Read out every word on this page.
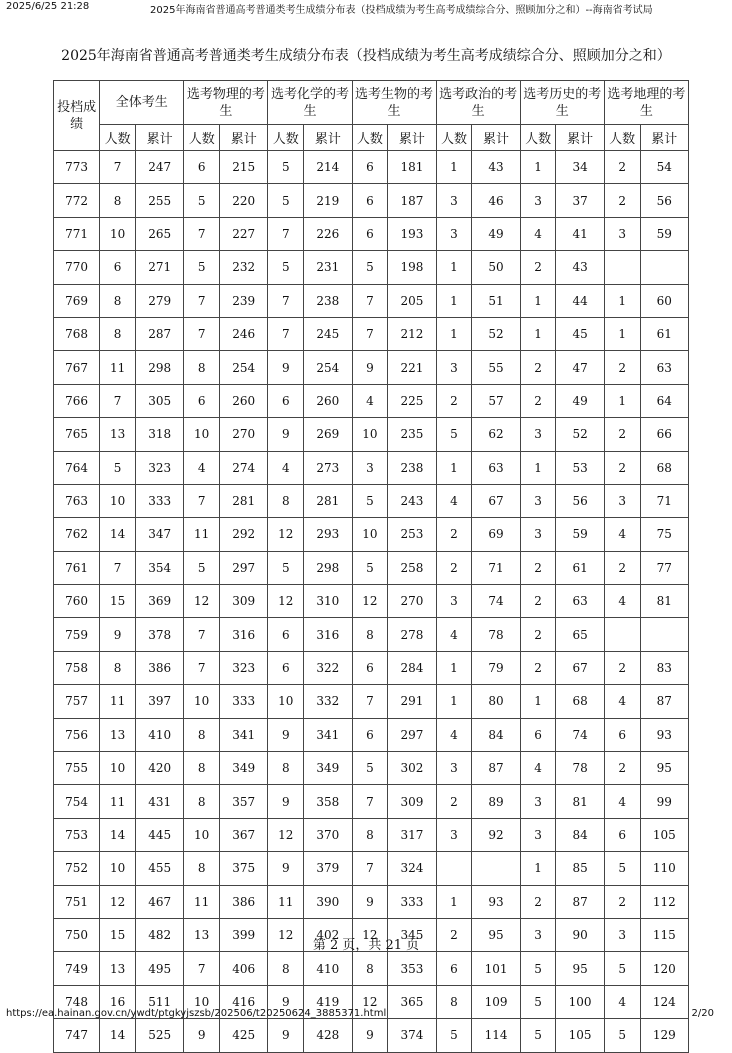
2025/6/25 21:28	2025年海南省普通高考普通类考生成绩分布表（投档成绩为考生高考成绩综合分、照顾加分之和）--海南省考试局
2025年海南省普通高考普通类考生成绩分布表（投档成绩为考生高考成绩综合分、照顾加分之和）
投档成绩	全体考生		选考物理的考生		选考化学的考生		选考生物的考生		选考政治的考生		选考历史的考生		选考地理的考生	
	人数	累计	人数	累计	人数	累计	人数	累计	人数	累计	人数	累计	人数	累计
773	7	247	6	215	5	214	6	181	1	43	1	34	2	54
772	8	255	5	220	5	219	6	187	3	46	3	37	2	56
771	10	265	7	227	7	226	6	193	3	49	4	41	3	59
770	6	271	5	232	5	231	5	198	1	50	2	43		
769	8	279	7	239	7	238	7	205	1	51	1	44	1	60
768	8	287	7	246	7	245	7	212	1	52	1	45	1	61
767	11	298	8	254	9	254	9	221	3	55	2	47	2	63
766	7	305	6	260	6	260	4	225	2	57	2	49	1	64
765	13	318	10	270	9	269	10	235	5	62	3	52	2	66
764	5	323	4	274	4	273	3	238	1	63	1	53	2	68
763	10	333	7	281	8	281	5	243	4	67	3	56	3	71
762	14	347	11	292	12	293	10	253	2	69	3	59	4	75
761	7	354	5	297	5	298	5	258	2	71	2	61	2	77
760	15	369	12	309	12	310	12	270	3	74	2	63	4	81
759	9	378	7	316	6	316	8	278	4	78	2	65		
758	8	386	7	323	6	322	6	284	1	79	2	67	2	83
757	11	397	10	333	10	332	7	291	1	80	1	68	4	87
756	13	410	8	341	9	341	6	297	4	84	6	74	6	93
755	10	420	8	349	8	349	5	302	3	87	4	78	2	95
754	11	431	8	357	9	358	7	309	2	89	3	81	4	99
753	14	445	10	367	12	370	8	317	3	92	3	84	6	105
752	10	455	8	375	9	379	7	324			1	85	5	110
751	12	467	11	386	11	390	9	333	1	93	2	87	2	112
750	15	482	13	399	12	402	12	345	2	95	3	90	3	115
749	13	495	7	406	8	410	8	353	6	101	5	95	5	120
748	16	511	10	416	9	419	12	365	8	109	5	100	4	124
747	14	525	9	425	9	428	9	374	5	114	5	105	5	129
第 2 页，共 21 页
https://ea.hainan.gov.cn/ywdt/ptgkyjszsb/202506/t20250624_3885371.html	2/20
